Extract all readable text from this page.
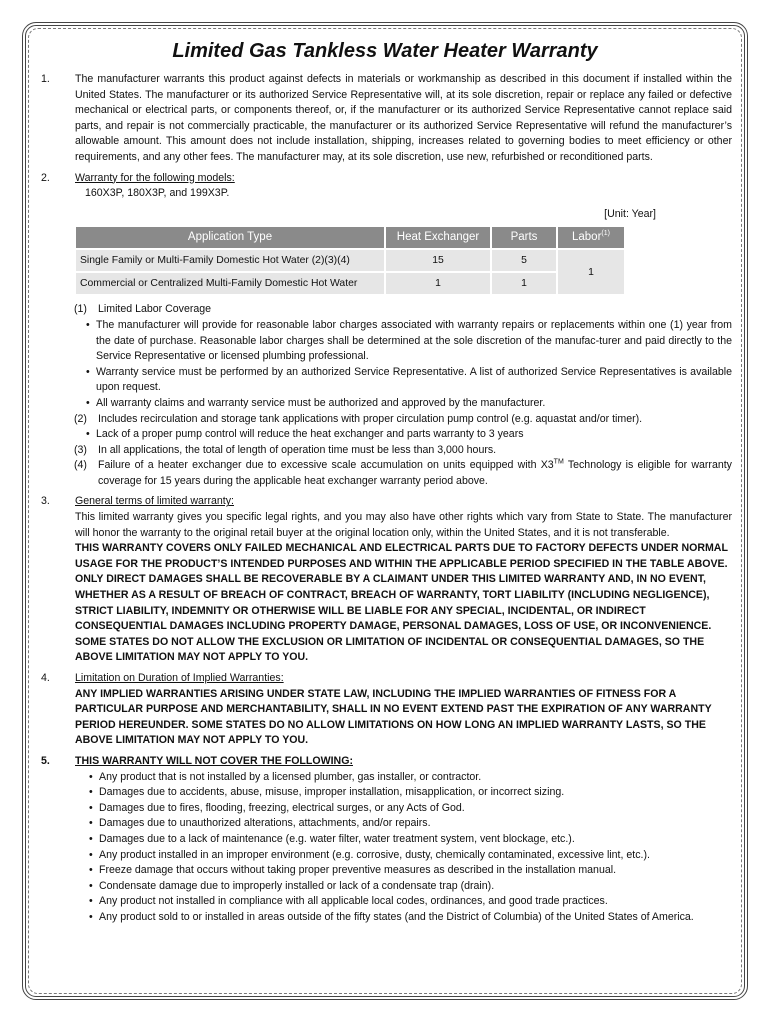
Limited Gas Tankless Water Heater Warranty
1. The manufacturer warrants this product against defects in materials or workmanship as described in this document if installed within the United States. The manufacturer or its authorized Service Representative will, at its sole discretion, repair or replace any failed or defective mechanical or electrical parts, or components thereof, or, if the manufacturer or its authorized Service Representative cannot replace said parts, and repair is not commercially practicable, the manufacturer or its authorized Service Representative will refund the manufacturer’s allowable amount. This amount does not include installation, shipping, increases related to governing bodies to meet efficiency or other requirements, and any other fees. The manufacturer may, at its sole discretion, use new, refurbished or reconditioned parts.
2. Warranty for the following models:
160X3P, 180X3P, and 199X3P.
[Unit: Year]
Application Type	Heat Exchanger	Parts	Labor$^{(1)}$
Single Family or Multi-Family Domestic Hot Water (2)(3)(4)	15	5	1
Commercial or Centralized Multi-Family Domestic Hot Water	1	1	
(1) Limited Labor Coverage
• The manufacturer will provide for reasonable labor charges associated with warranty repairs or replacements within one (1) year from the date of purchase. Reasonable labor charges shall be determined at the sole discretion of the manufac-turer and paid directly to the Service Representative or licensed plumbing professional.
• Warranty service must be performed by an authorized Service Representative. A list of authorized Service Representatives is available upon request.
• All warranty claims and warranty service must be authorized and approved by the manufacturer.
(2) Includes recirculation and storage tank applications with proper circulation pump control (e.g. aquastat and/or timer).
• Lack of a proper pump control will reduce the heat exchanger and parts warranty to 3 years
(3) In all applications, the total of length of operation time must be less than 3,000 hours.
(4) Failure of a heater exchanger due to excessive scale accumulation on units equipped with X3™ Technology is eligible for warranty coverage for 15 years during the applicable heat exchanger warranty period above.
3. General terms of limited warranty:
This limited warranty gives you specific legal rights, and you may also have other rights which vary from State to State. The manufacturer will honor the warranty to the original retail buyer at the original location only, within the United States, and it is not transferable.
THIS WARRANTY COVERS ONLY FAILED MECHANICAL AND ELECTRICAL PARTS DUE TO FACTORY DEFECTS UNDER NORMAL USAGE FOR THE PRODUCT’S INTENDED PURPOSES AND WITHIN THE APPLICABLE PERIOD SPECIFIED IN THE TABLE ABOVE. ONLY DIRECT DAMAGES SHALL BE RECOVERABLE BY A CLAIMANT UNDER THIS LIMITED WARRANTY AND, IN NO EVENT, WHETHER AS A RESULT OF BREACH OF CONTRACT, BREACH OF WARRANTY, TORT LIABILITY (INCLUDING NEGLIGENCE), STRICT LIABILITY, INDEMNITY OR OTHERWISE WILL BE LIABLE FOR ANY SPECIAL, INCIDENTAL, OR INDIRECT CONSEQUENTIAL DAMAGES INCLUDING PROPERTY DAMAGE, PERSONAL DAMAGES, LOSS OF USE, OR INCONVENIENCE. SOME STATES DO NOT ALLOW THE EXCLUSION OR LIMITATION OF INCIDENTAL OR CONSEQUENTIAL DAMAGES, SO THE ABOVE LIMITATION MAY NOT APPLY TO YOU.
4. Limitation on Duration of Implied Warranties:
ANY IMPLIED WARRANTIES ARISING UNDER STATE LAW, INCLUDING THE IMPLIED WARRANTIES OF FITNESS FOR A PARTICULAR PURPOSE AND MERCHANTABILITY, SHALL IN NO EVENT EXTEND PAST THE EXPIRATION OF ANY WARRANTY PERIOD HEREUNDER. SOME STATES DO NO ALLOW LIMITATIONS ON HOW LONG AN IMPLIED WARRANTY LASTS, SO THE ABOVE LIMITATION MAY NOT APPLY TO YOU.
5. THIS WARRANTY WILL NOT COVER THE FOLLOWING:
• Any product that is not installed by a licensed plumber, gas installer, or contractor.
• Damages due to accidents, abuse, misuse, improper installation, misapplication, or incorrect sizing.
• Damages due to fires, flooding, freezing, electrical surges, or any Acts of God.
• Damages due to unauthorized alterations, attachments, and/or repairs.
• Damages due to a lack of maintenance (e.g. water filter, water treatment system, vent blockage, etc.).
• Any product installed in an improper environment (e.g. corrosive, dusty, chemically contaminated, excessive lint, etc.).
• Freeze damage that occurs without taking proper preventive measures as described in the installation manual.
• Condensate damage due to improperly installed or lack of a condensate trap (drain).
• Any product not installed in compliance with all applicable local codes, ordinances, and good trade practices.
• Any product sold to or installed in areas outside of the fifty states (and the District of Columbia) of the United States of America.
